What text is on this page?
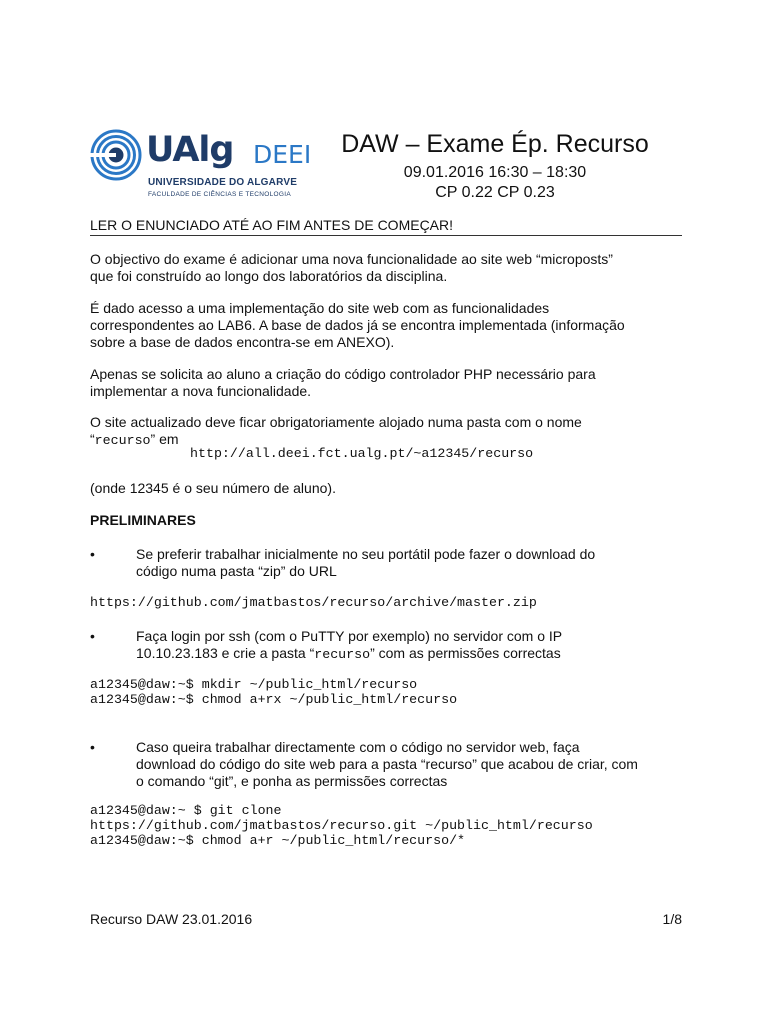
UAlg DEEI
UNIVERSIDADE DO ALGARVE
FACULDADE DE CIÊNCIAS E TECNOLOGIA
DAW – Exame Ép. Recurso
09.01.2016 16:30 – 18:30
CP 0.22 CP 0.23
LER O ENUNCIADO ATÉ AO FIM ANTES DE COMEÇAR!
O objectivo do exame é adicionar uma nova funcionalidade ao site web “microposts”
que foi construído ao longo dos laboratórios da disciplina.
É dado acesso a uma implementação do site web com as funcionalidades
correspondentes ao LAB6. A base de dados já se encontra implementada (informação
sobre a base de dados encontra-se em ANEXO).
Apenas se solicita ao aluno a criação do código controlador PHP necessário para
implementar a nova funcionalidade.
O site actualizado deve ficar obrigatoriamente alojado numa pasta com o nome
“recurso” em
http://all.deei.fct.ualg.pt/~a12345/recurso
(onde 12345 é o seu número de aluno).
PRELIMINARES
•	Se preferir trabalhar inicialmente no seu portátil pode fazer o download do
código numa pasta “zip” do URL
https://github.com/jmatbastos/recurso/archive/master.zip
•	Faça login por ssh (com o PuTTY por exemplo) no servidor com o IP
10.10.23.183 e crie a pasta “recurso” com as permissões correctas
a12345@daw:~$ mkdir ~/public_html/recurso
a12345@daw:~$ chmod a+rx ~/public_html/recurso
•	Caso queira trabalhar directamente com o código no servidor web, faça
download do código do site web para a pasta “recurso” que acabou de criar, com
o comando “git”, e ponha as permissões correctas
a12345@daw:~ $ git clone
https://github.com/jmatbastos/recurso.git ~/public_html/recurso
a12345@daw:~$ chmod a+r ~/public_html/recurso/*
Recurso DAW 23.01.2016	1/8
